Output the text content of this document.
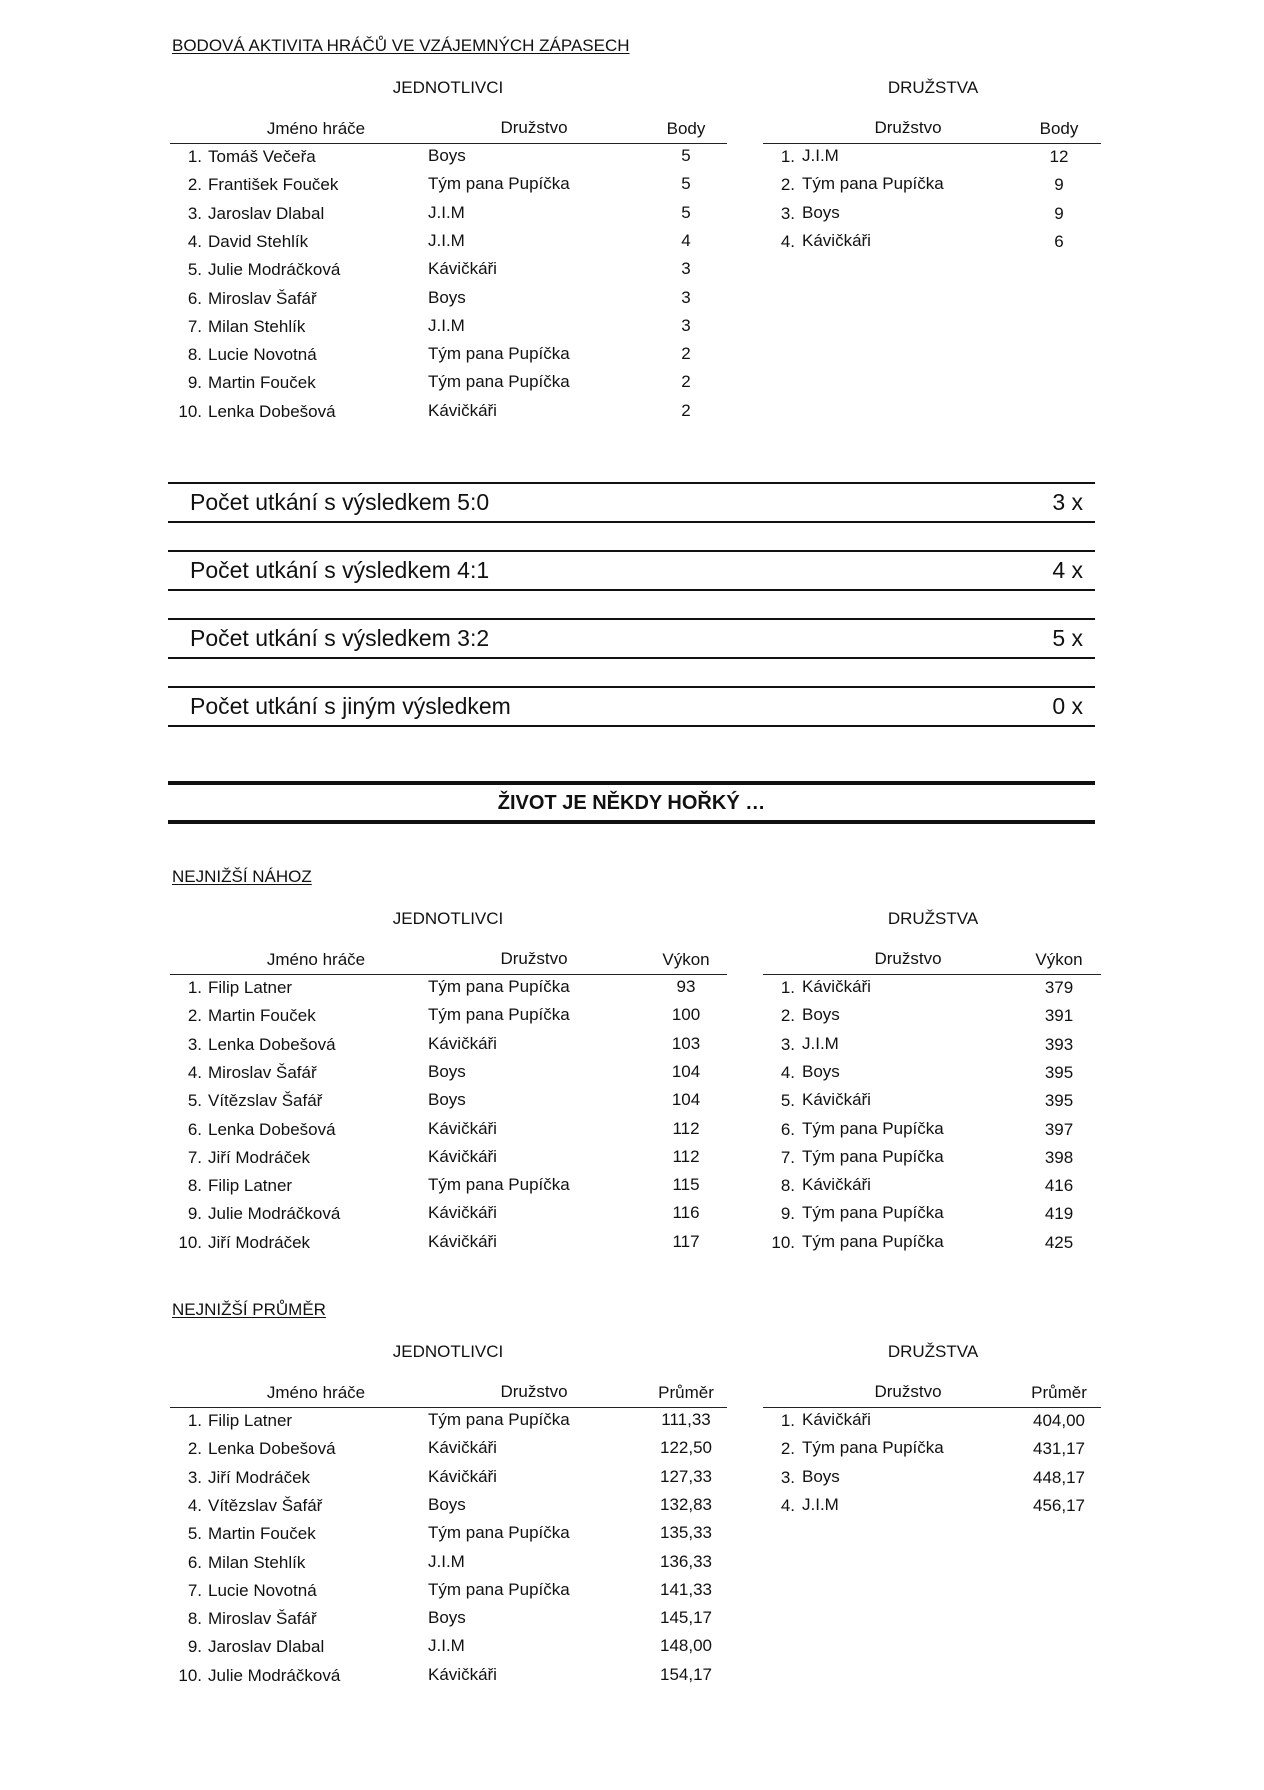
BODOVÁ AKTIVITA HRÁČŮ VE VZÁJEMNÝCH ZÁPASECH
JEDNOTLIVCI
Jméno hráče	Družstvo	Body
1. Tomáš Večeřa	Boys	5
2. František Fouček	Tým pana Pupíčka	5
3. Jaroslav Dlabal	J.I.M	5
4. David Stehlík	J.I.M	4
5. Julie Modráčková	Kávičkáři	3
6. Miroslav Šafář	Boys	3
7. Milan Stehlík	J.I.M	3
8. Lucie Novotná	Tým pana Pupíčka	2
9. Martin Fouček	Tým pana Pupíčka	2
10. Lenka Dobešová	Kávičkáři	2
DRUŽSTVA
Družstvo	Body
1. J.I.M	12
2. Tým pana Pupíčka	9
3. Boys	9
4. Kávičkáři	6
NEJNIŽŠÍ NÁHOZ
JEDNOTLIVCI
Jméno hráče	Družstvo	Výkon
1. Filip Latner	Tým pana Pupíčka	93
2. Martin Fouček	Tým pana Pupíčka	100
3. Lenka Dobešová	Kávičkáři	103
4. Miroslav Šafář	Boys	104
5. Vítězslav Šafář	Boys	104
6. Lenka Dobešová	Kávičkáři	112
7. Jiří Modráček	Kávičkáři	112
8. Filip Latner	Tým pana Pupíčka	115
9. Julie Modráčková	Kávičkáři	116
10. Jiří Modráček	Kávičkáři	117
DRUŽSTVA
Družstvo	Výkon
1. Kávičkáři	379
2. Boys	391
3. J.I.M	393
4. Boys	395
5. Kávičkáři	395
6. Tým pana Pupíčka	397
7. Tým pana Pupíčka	398
8. Kávičkáři	416
9. Tým pana Pupíčka	419
10. Tým pana Pupíčka	425
NEJNIŽŠÍ PRŮMĚR
JEDNOTLIVCI
Jméno hráče	Družstvo	Průměr
1. Filip Latner	Tým pana Pupíčka	111,33
2. Lenka Dobešová	Kávičkáři	122,50
3. Jiří Modráček	Kávičkáři	127,33
4. Vítězslav Šafář	Boys	132,83
5. Martin Fouček	Tým pana Pupíčka	135,33
6. Milan Stehlík	J.I.M	136,33
7. Lucie Novotná	Tým pana Pupíčka	141,33
8. Miroslav Šafář	Boys	145,17
9. Jaroslav Dlabal	J.I.M	148,00
10. Julie Modráčková	Kávičkáři	154,17
DRUŽSTVA
Družstvo	Průměr
1. Kávičkáři	404,00
2. Tým pana Pupíčka	431,17
3. Boys	448,17
4. J.I.M	456,17
Počet utkání s výsledkem 5:0	3 x
Počet utkání s výsledkem 4:1	4 x
Počet utkání s výsledkem 3:2	5 x
Počet utkání s jiným výsledkem	0 x
ŽIVOT JE NĚKDY HOŘKÝ …
